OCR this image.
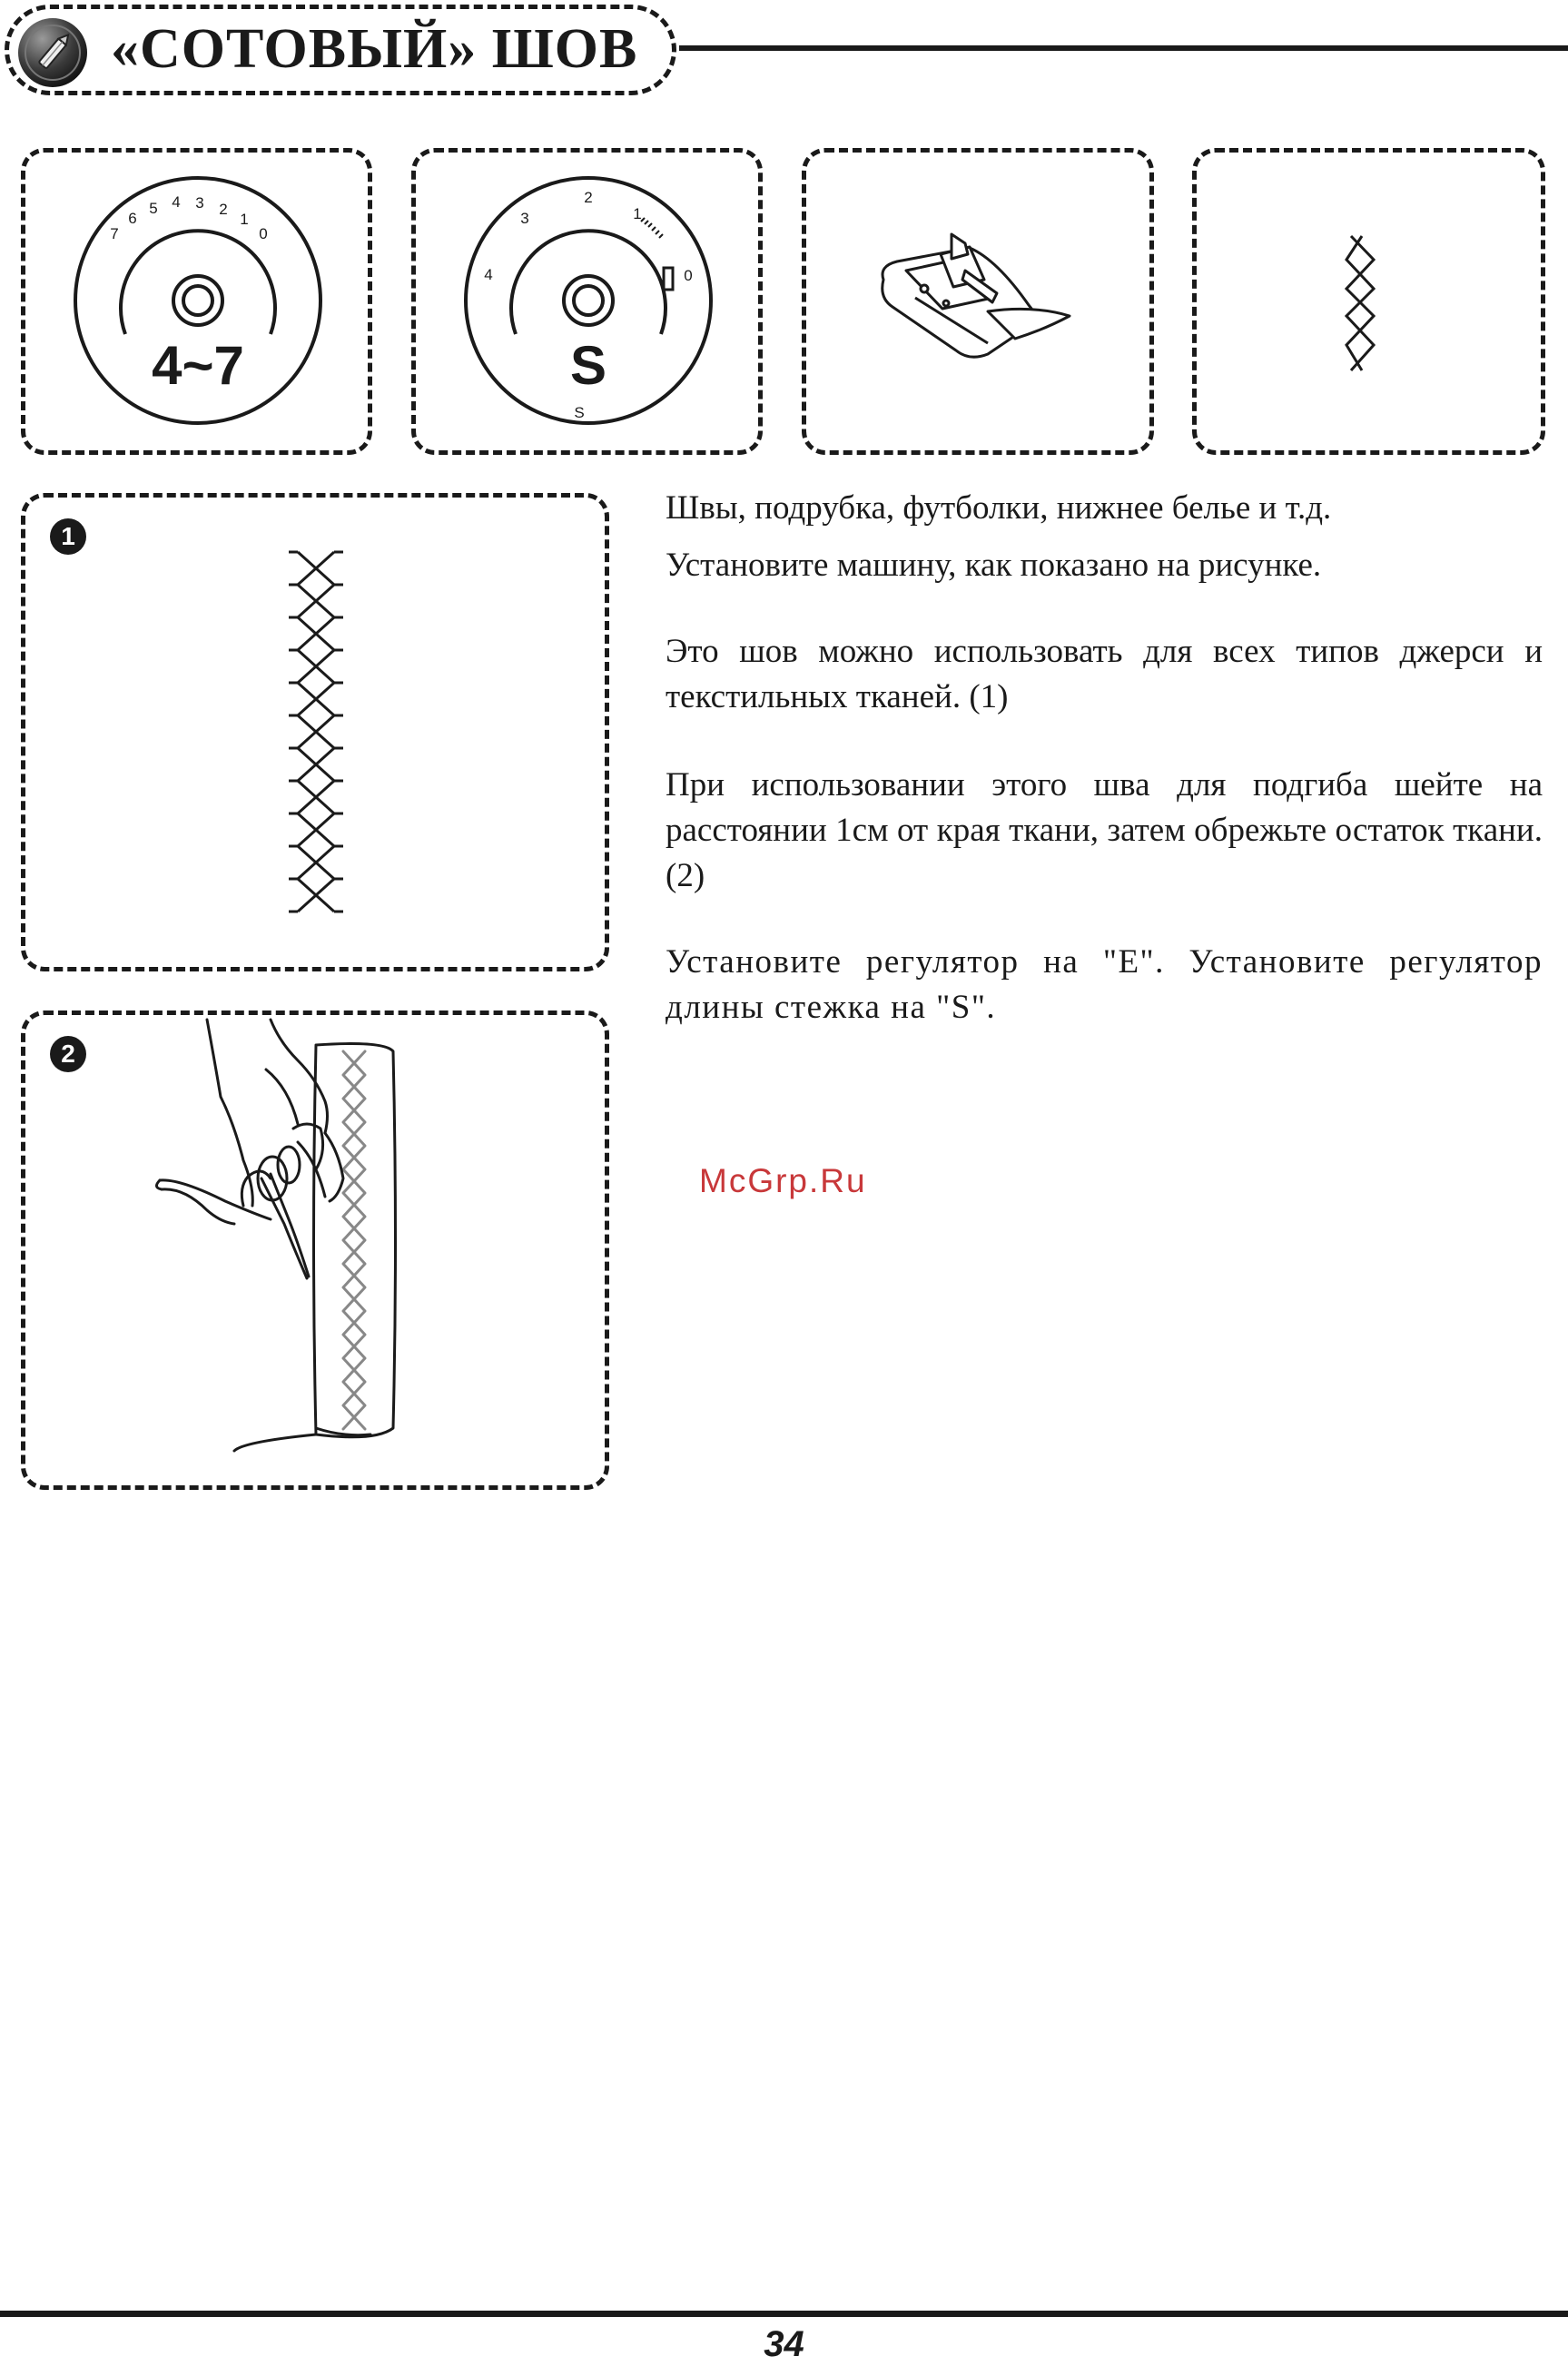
«СОТОВЫЙ» ШОВ
7
6
5 4 3 2
1
0
4~7
4
3
2
1
0
S
S
1
2

Швы, подрубка, футболки, нижнее белье и т.д.

Установите машину, как показано на рисунке.

Это шов можно использовать для всех типов джерси и текстильных тканей. (1)

При использовании этого шва для подгиба шейте на расстоянии 1см от края ткани, затем обрежьте остаток ткани. (2)

Установите регулятор на "E". Установите регулятор длины стежка на "S".

McGrp.Ru
34
